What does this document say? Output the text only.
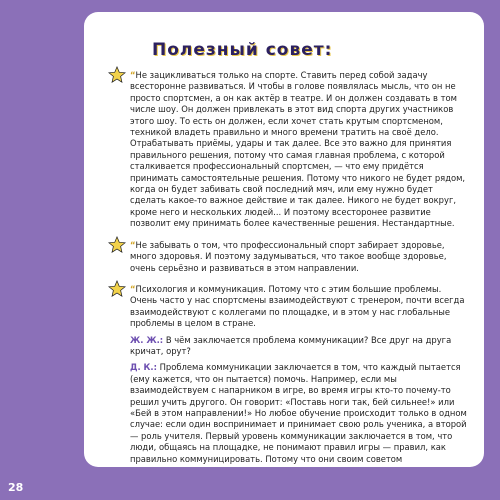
Полезный совет:

“Не зацикливаться только на спорте. Ставить перед собой задачу всесторонне развиваться. И чтобы в голове появлялась мысль, что он не просто спортсмен, а он как актёр в театре. И он должен создавать в том числе шоу. Он должен привлекать в этот вид спорта других участников этого шоу. То есть он должен, если хочет стать крутым спортсменом, техникой владеть правильно и много времени тратить на своё дело. Отрабатывать приёмы, удары и так далее. Все это важно для принятия правильного решения, потому что самая главная проблема, с которой сталкивается профессиональный спортсмен, — что ему придётся принимать самостоятельные решения. Потому что никого не будет рядом, когда он будет забивать свой последний мяч, или ему нужно будет сделать какое-то важное действие и так далее. Никого не будет вокруг, кроме него и нескольких людей... И поэтому всесторонее развитие позволит ему принимать более качественные решения. Нестандартные.

“Не забывать о том, что профессиональный спорт забирает здоровье, много здоровья. И поэтому задумываться, что такое вообще здоровье, очень серьёзно и развиваться в этом направлении.

“Психология и коммуникация. Потому что с этим большие проблемы. Очень часто у нас спортсмены взаимодействуют с тренером, почти всегда взаимодействуют с коллегами по площадке, и в этом у нас глобальные проблемы в целом в стране.

Ж. Ж.: В чём заключается проблема коммуникации? Все друг на друга кричат, орут?

Д. К.: Проблема коммуникации заключается в том, что каждый пытается (ему кажется, что он пытается) помочь. Например, если мы взаимодействуем с напарником в игре, во время игры кто-то почему-то решил учить другого. Он говорит: «Поставь ноги так, бей сильнее!» или «Бей в этом направлении!» Но любое обучение происходит только в одном случае: если один воспринимает и принимает свою роль ученика, а второй — роль учителя. Первый уровень коммуникации заключается в том, что люди, общаясь на площадке, не понимают правил игры — правил, как правильно коммуницировать. Потому что они своим советом

28
